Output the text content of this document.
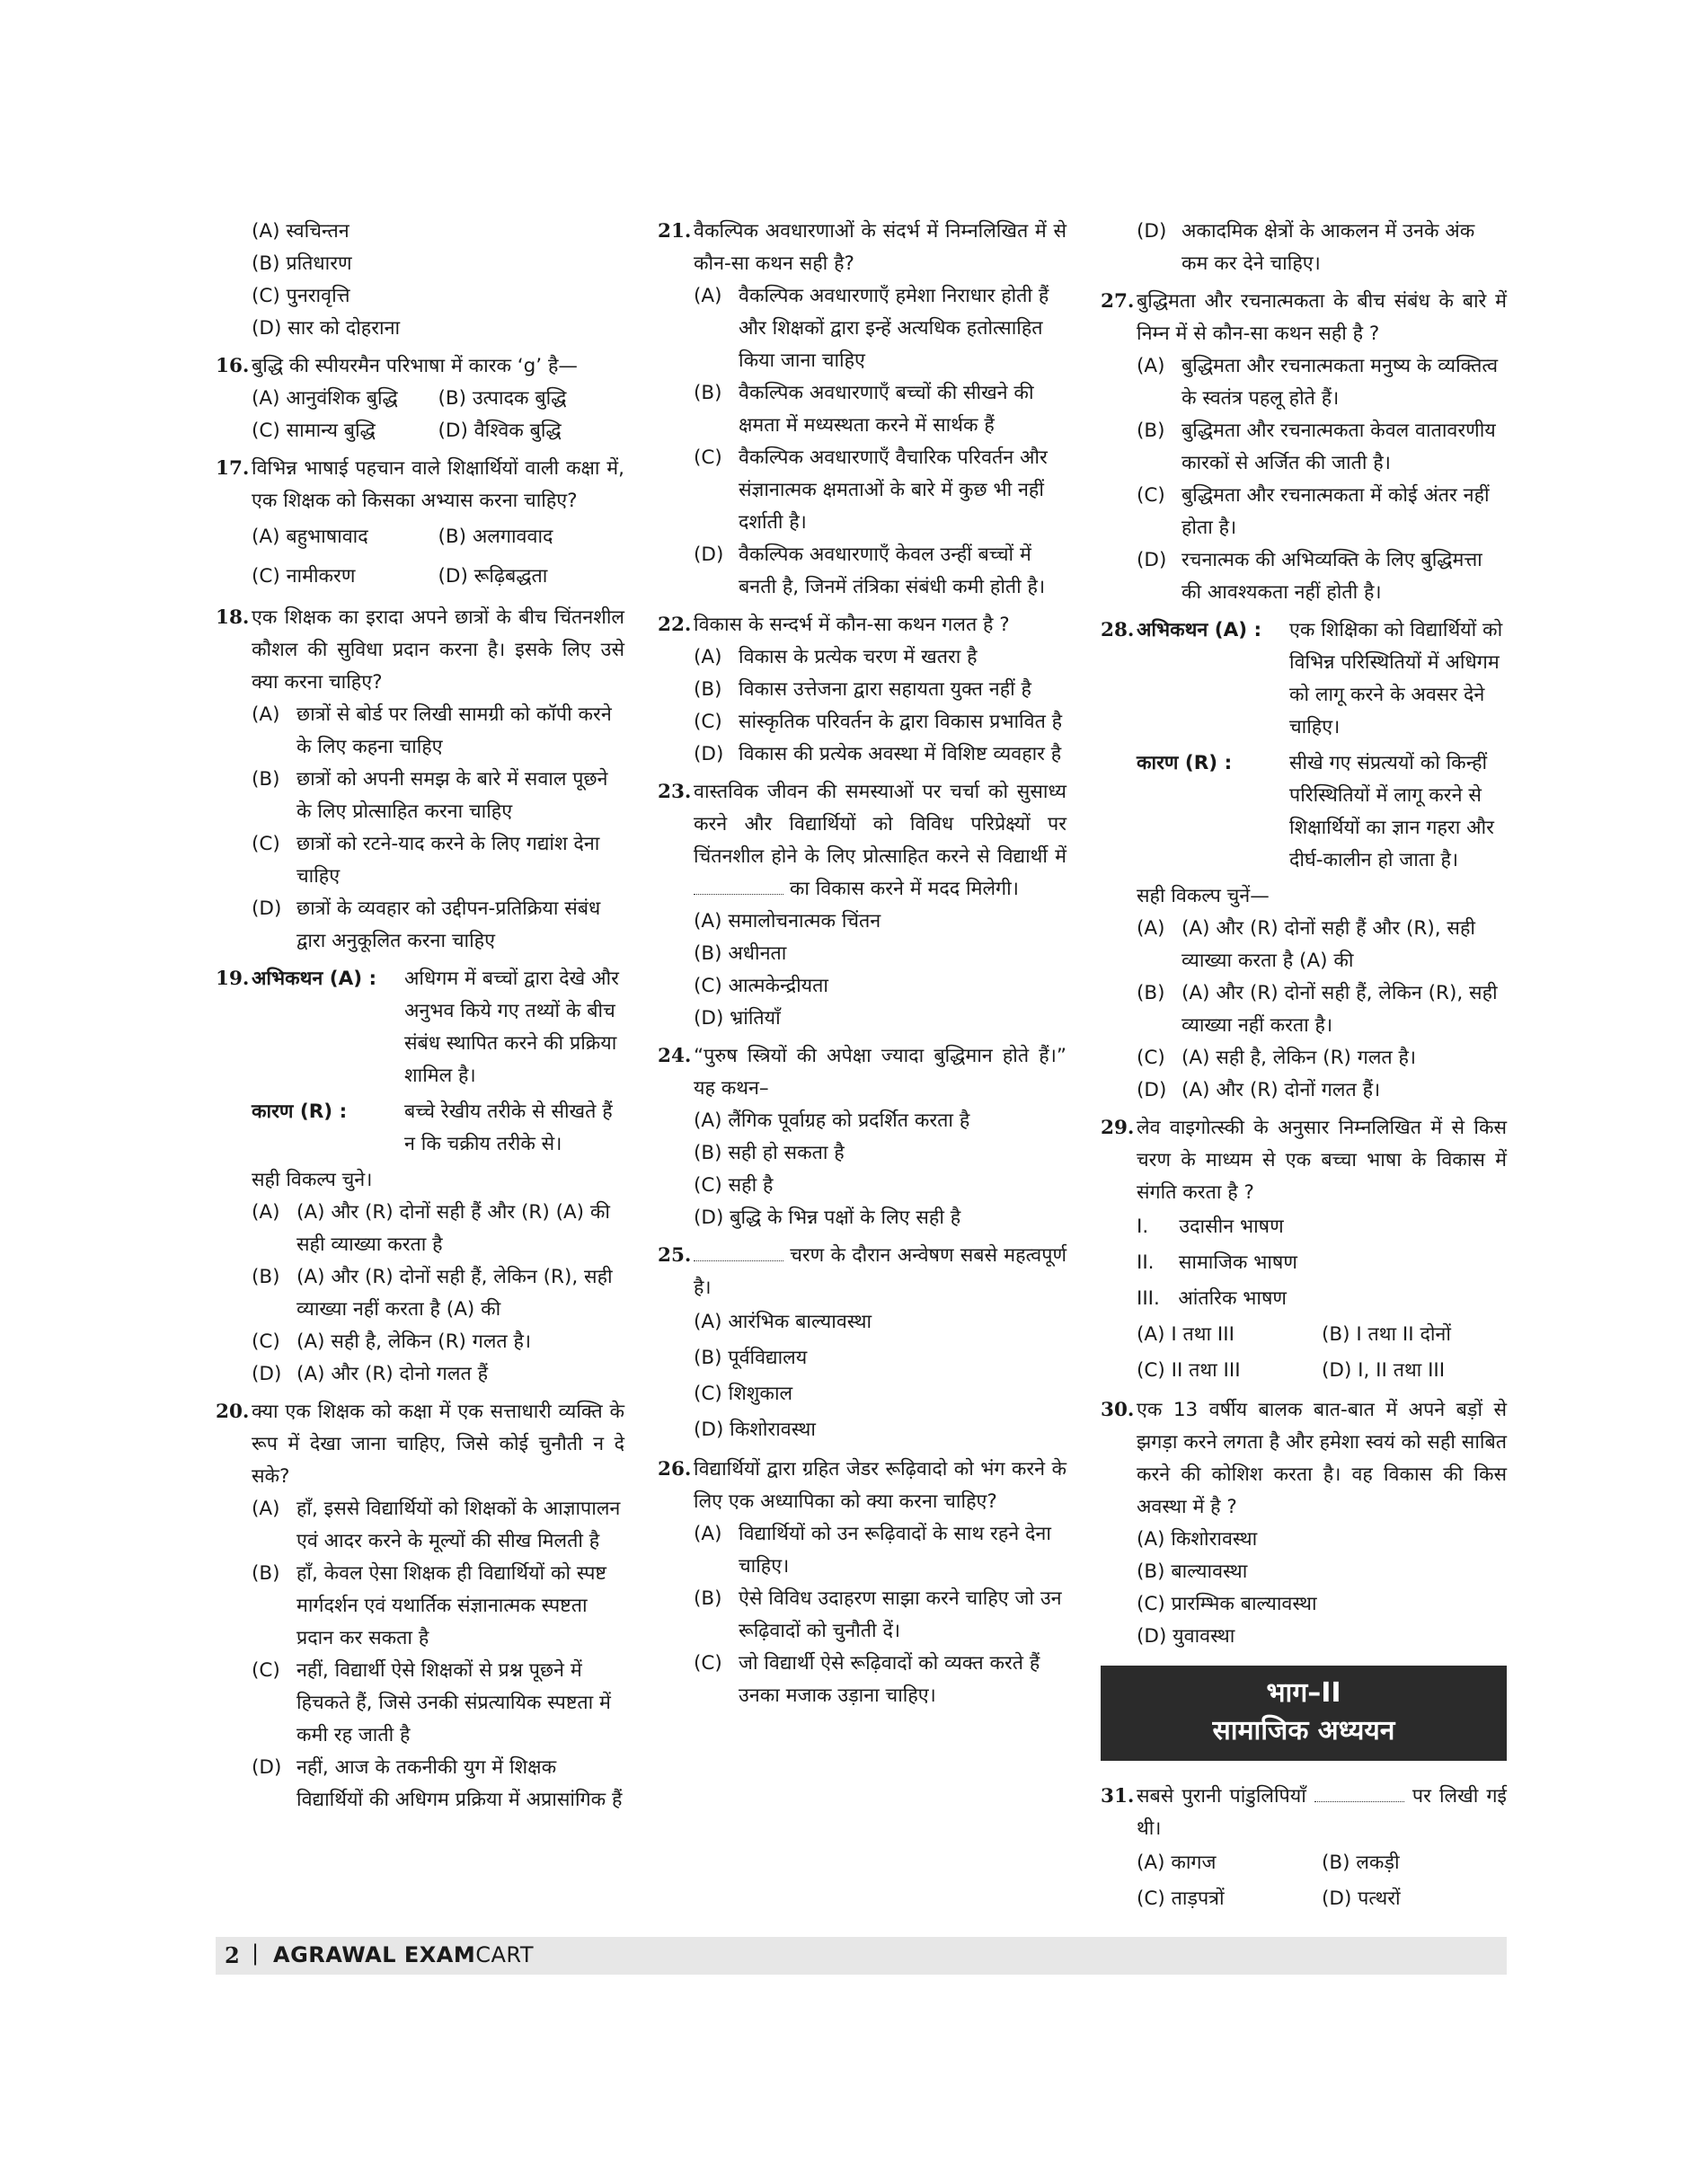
(A) स्वचिन्तन
(B) प्रतिधारण
(C) पुनरावृत्ति
(D) सार को दोहराना
16. बुद्धि की स्पीयरमैन परिभाषा में कारक ‘g’ है—
(A) आनुवंशिक बुद्धि	(B) उत्पादक बुद्धि
(C) सामान्य बुद्धि	(D) वैश्विक बुद्धि
17. विभिन्न भाषाई पहचान वाले शिक्षार्थियों वाली कक्षा में, एक शिक्षक को किसका अभ्यास करना चाहिए?
(A) बहुभाषावाद	(B) अलगाववाद
(C) नामीकरण	(D) रूढ़िबद्धता
18. एक शिक्षक का इरादा अपने छात्रों के बीच चिंतनशील कौशल की सुविधा प्रदान करना है। इसके लिए उसे क्या करना चाहिए?
(A) छात्रों से बोर्ड पर लिखी सामग्री को कॉपी करने के लिए कहना चाहिए
(B) छात्रों को अपनी समझ के बारे में सवाल पूछने के लिए प्रोत्साहित करना चाहिए
(C) छात्रों को रटने-याद करने के लिए गद्यांश देना चाहिए
(D) छात्रों के व्यवहार को उद्दीपन-प्रतिक्रिया संबंध द्वारा अनुकूलित करना चाहिए
19. अभिकथन (A) :	अधिगम में बच्चों द्वारा देखे और अनुभव किये गए तथ्यों के बीच संबंध स्थापित करने की प्रक्रिया शामिल है।
कारण (R) :	बच्चे रेखीय तरीके से सीखते हैं न कि चक्रीय तरीके से।
सही विकल्प चुने।
(A) (A) और (R) दोनों सही हैं और (R) (A) की सही व्याख्या करता है
(B) (A) और (R) दोनों सही हैं, लेकिन (R), सही व्याख्या नहीं करता है (A) की
(C) (A) सही है, लेकिन (R) गलत है।
(D) (A) और (R) दोनो गलत हैं
20. क्या एक शिक्षक को कक्षा में एक सत्ताधारी व्यक्ति के रूप में देखा जाना चाहिए, जिसे कोई चुनौती न दे सके?
(A) हाँ, इससे विद्यार्थियों को शिक्षकों के आज्ञापालन एवं आदर करने के मूल्यों की सीख मिलती है
(B) हाँ, केवल ऐसा शिक्षक ही विद्यार्थियों को स्पष्ट मार्गदर्शन एवं यथार्तिक संज्ञानात्मक स्पष्टता प्रदान कर सकता है
(C) नहीं, विद्यार्थी ऐसे शिक्षकों से प्रश्न पूछने में हिचकते हैं, जिसे उनकी संप्रत्यायिक स्पष्टता में कमी रह जाती है
(D) नहीं, आज के तकनीकी युग में शिक्षक विद्यार्थियों की अधिगम प्रक्रिया में अप्रासांगिक हैं
21. वैकल्पिक अवधारणाओं के संदर्भ में निम्नलिखित में से कौन-सा कथन सही है?
(A) वैकल्पिक अवधारणाएँ हमेशा निराधार होती हैं और शिक्षकों द्वारा इन्हें अत्यधिक हतोत्साहित किया जाना चाहिए
(B) वैकल्पिक अवधारणाएँ बच्चों की सीखने की क्षमता में मध्यस्थता करने में सार्थक हैं
(C) वैकल्पिक अवधारणाएँ वैचारिक परिवर्तन और संज्ञानात्मक क्षमताओं के बारे में कुछ भी नहीं दर्शाती है।
(D) वैकल्पिक अवधारणाएँ केवल उन्हीं बच्चों में बनती है, जिनमें तंत्रिका संबंधी कमी होती है।
22. विकास के सन्दर्भ में कौन-सा कथन गलत है ?
(A) विकास के प्रत्येक चरण में खतरा है
(B) विकास उत्तेजना द्वारा सहायता युक्त नहीं है
(C) सांस्कृतिक परिवर्तन के द्वारा विकास प्रभावित है
(D) विकास की प्रत्येक अवस्था में विशिष्ट व्यवहार है
23. वास्तविक जीवन की समस्याओं पर चर्चा को सुसाध्य करने और विद्यार्थियों को विविध परिप्रेक्ष्यों पर चिंतनशील होने के लिए प्रोत्साहित करने से विद्यार्थी में  का विकास करने में मदद मिलेगी।
(A) समालोचनात्मक चिंतन
(B) अधीनता
(C) आत्मकेन्द्रीयता
(D) भ्रांतियाँ
24. “पुरुष स्त्रियों की अपेक्षा ज्यादा बुद्धिमान होते हैं।” यह कथन–
(A) लैंगिक पूर्वाग्रह को प्रदर्शित करता है
(B) सही हो सकता है
(C) सही है
(D) बुद्धि के भिन्न पक्षों के लिए सही है
25.	चरण के दौरान अन्वेषण सबसे महत्वपूर्ण है।
(A) आरंभिक बाल्यावस्था
(B) पूर्वविद्यालय
(C) शिशुकाल
(D) किशोरावस्था
26. विद्यार्थियों द्वारा ग्रहित जेडर रूढ़िवादो को भंग करने के लिए एक अध्यापिका को क्या करना चाहिए?
(A) विद्यार्थियों को उन रूढ़िवादों के साथ रहने देना चाहिए।
(B) ऐसे विविध उदाहरण साझा करने चाहिए जो उन रूढ़िवादों को चुनौती दें।
(C) जो विद्यार्थी ऐसे रूढ़िवादों को व्यक्त करते हैं उनका मजाक उड़ाना चाहिए।
(D) अकादमिक क्षेत्रों के आकलन में उनके अंक कम कर देने चाहिए।
27. बुद्धिमता और रचनात्मकता के बीच संबंध के बारे में निम्न में से कौन-सा कथन सही है ?
(A) बुद्धिमता और रचनात्मकता मनुष्य के व्यक्तित्व के स्वतंत्र पहलू होते हैं।
(B) बुद्धिमता और रचनात्मकता केवल वातावरणीय कारकों से अर्जित की जाती है।
(C) बुद्धिमता और रचनात्मकता में कोई अंतर नहीं होता है।
(D) रचनात्मक की अभिव्यक्ति के लिए बुद्धिमत्ता की आवश्यकता नहीं होती है।
28. अभिकथन (A) :	एक शिक्षिका को विद्यार्थियों को विभिन्न परिस्थितियों में अधिगम को लागू करने के अवसर देने चाहिए।
कारण (R) :	सीखे गए संप्रत्ययों को किन्हीं परिस्थितियों में लागू करने से शिक्षार्थियों का ज्ञान गहरा और दीर्घ-कालीन हो जाता है।
सही विकल्प चुनें—
(A) (A) और (R) दोनों सही हैं और (R), सही व्याख्या करता है (A) की
(B) (A) और (R) दोनों सही हैं, लेकिन (R), सही व्याख्या नहीं करता है।
(C) (A) सही है, लेकिन (R) गलत है।
(D) (A) और (R) दोनों गलत हैं।
29. लेव वाइगोत्स्की के अनुसार निम्नलिखित में से किस चरण के माध्यम से एक बच्चा भाषा के विकास में संगति करता है ?
I.     उदासीन भाषण
II.    सामाजिक भाषण
III.   आंतरिक भाषण
(A) I तथा III	(B) I तथा II दोनों
(C) II तथा III	(D) I, II तथा III
30. एक 13 वर्षीय बालक बात-बात में अपने बड़ों से झगड़ा करने लगता है और हमेशा स्वयं को सही साबित करने की कोशिश करता है। वह विकास की किस अवस्था में है ?
(A) किशोरावस्था
(B) बाल्यावस्था
(C) प्रारम्भिक बाल्यावस्था
(D) युवावस्था
भाग–II
सामाजिक अध्ययन
31. सबसे पुरानी पांडुलिपियाँ	पर लिखी गई थी।
(A) कागज	(B) लकड़ी
(C) ताड़पत्रों	(D) पत्थरों
2 | AGRAWAL EXAMCART
